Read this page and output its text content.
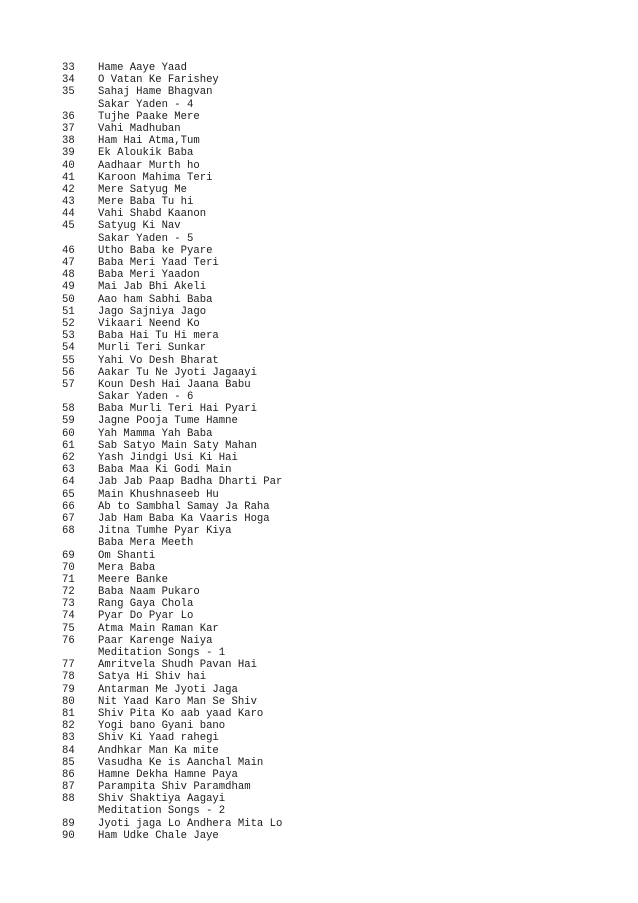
33	Hame Aaye Yaad
34	O Vatan Ke Farishey
35	Sahaj Hame Bhagvan
Sakar Yaden - 4
36	Tujhe Paake Mere
37	Vahi Madhuban
38	Ham Hai Atma,Tum
39	Ek Aloukik Baba
40	Aadhaar Murth ho
41	Karoon Mahima Teri
42	Mere Satyug Me
43	Mere Baba Tu hi
44	Vahi Shabd Kaanon
45	Satyug Ki Nav
Sakar Yaden - 5
46	Utho Baba ke Pyare
47	Baba Meri Yaad Teri
48	Baba Meri Yaadon
49	Mai Jab Bhi Akeli
50	Aao ham Sabhi Baba
51	Jago Sajniya Jago
52	Vikaari Neend Ko
53	Baba Hai Tu Hi mera
54	Murli Teri Sunkar
55	Yahi Vo Desh Bharat
56	Aakar Tu Ne Jyoti Jagaayi
57	Koun Desh Hai Jaana Babu
Sakar Yaden - 6
58	Baba Murli Teri Hai Pyari
59	Jagne Pooja Tume Hamne
60	Yah Mamma Yah Baba
61	Sab Satyo Main Saty Mahan
62	Yash Jindgi Usi Ki Hai
63	Baba Maa Ki Godi Main
64	Jab Jab Paap Badha Dharti Par
65	Main Khushnaseeb Hu
66	Ab to Sambhal Samay Ja Raha
67	Jab Ham Baba Ka Vaaris Hoga
68	Jitna Tumhe Pyar Kiya
Baba Mera Meeth
69	Om Shanti
70	Mera Baba
71	Meere Banke
72	Baba Naam Pukaro
73	Rang Gaya Chola
74	Pyar Do Pyar Lo
75	Atma Main Raman Kar
76	Paar Karenge Naiya
Meditation Songs - 1
77	Amritvela Shudh Pavan Hai
78	Satya Hi Shiv hai
79	Antarman Me Jyoti Jaga
80	Nit Yaad Karo Man Se Shiv
81	Shiv Pita Ko aab yaad Karo
82	Yogi bano Gyani bano
83	Shiv Ki Yaad rahegi
84	Andhkar Man Ka mite
85	Vasudha Ke is Aanchal Main
86	Hamne Dekha Hamne Paya
87	Parampita Shiv Paramdham
88	Shiv Shaktiya Aagayi
Meditation Songs - 2
89	Jyoti jaga Lo Andhera Mita Lo
90	Ham Udke Chale Jaye
